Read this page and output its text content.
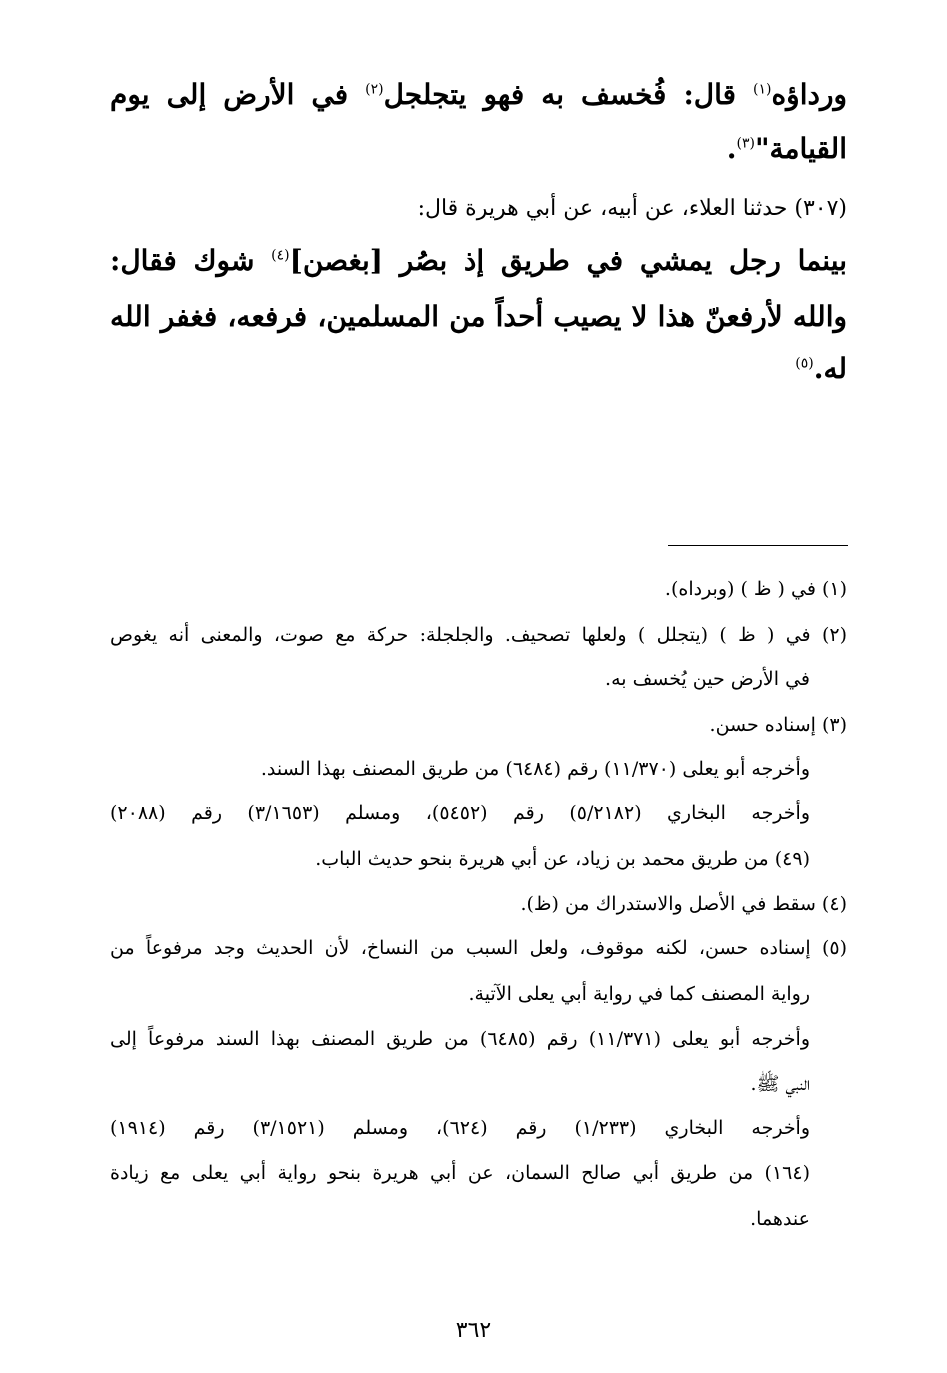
ورداؤه$^{(١)}$ قال: فُخسف به فهو يتجلجل$^{(٢)}$ في الأرض إلى يوم
القيامة"$^{(٣)}$.
(٣٠٧) حدثنا العلاء، عن أبيه، عن أبي هريرة قال:
بينما رجل يمشي في طريق إذ بصُر [بغصن]$^{(٤)}$ شوك فقال:
والله لأرفعنّ هذا لا يصيب أحداً من المسلمين، فرفعه، فغفر الله
له.$^{(٥)}$
(١) في ( ظ ) (وبرداه).
(٢) في ( ظ ) (يتجلل ) ولعلها تصحيف. والجلجلة: حركة مع صوت، والمعنى أنه يغوص
في الأرض حين يُخسف به.
(٣) إسناده حسن.
وأخرجه أبو يعلى (١١/٣٧٠) رقم (٦٤٨٤) من طريق المصنف بهذا السند.
وأخرجه البخاري (٥/٢١٨٢) رقم (٥٤٥٢)، ومسلم (٣/١٦٥٣) رقم (٢٠٨٨)
(٤٩) من طريق محمد بن زياد، عن أبي هريرة بنحو حديث الباب.
(٤) سقط في الأصل والاستدراك من (ظ).
(٥) إسناده حسن، لكنه موقوف، ولعل السبب من النساخ، لأن الحديث وجد مرفوعاً من
رواية المصنف كما في رواية أبي يعلى الآتية.
وأخرجه أبو يعلى (١١/٣٧١) رقم (٦٤٨٥) من طريق المصنف بهذا السند مرفوعاً إلى
النبي ﷺ.
وأخرجه البخاري (١/٢٣٣) رقم (٦٢٤)، ومسلم (٣/١٥٢١) رقم (١٩١٤)
(١٦٤) من طريق أبي صالح السمان، عن أبي هريرة بنحو رواية أبي يعلى مع زيادة
عندهما.
٣٦٢
